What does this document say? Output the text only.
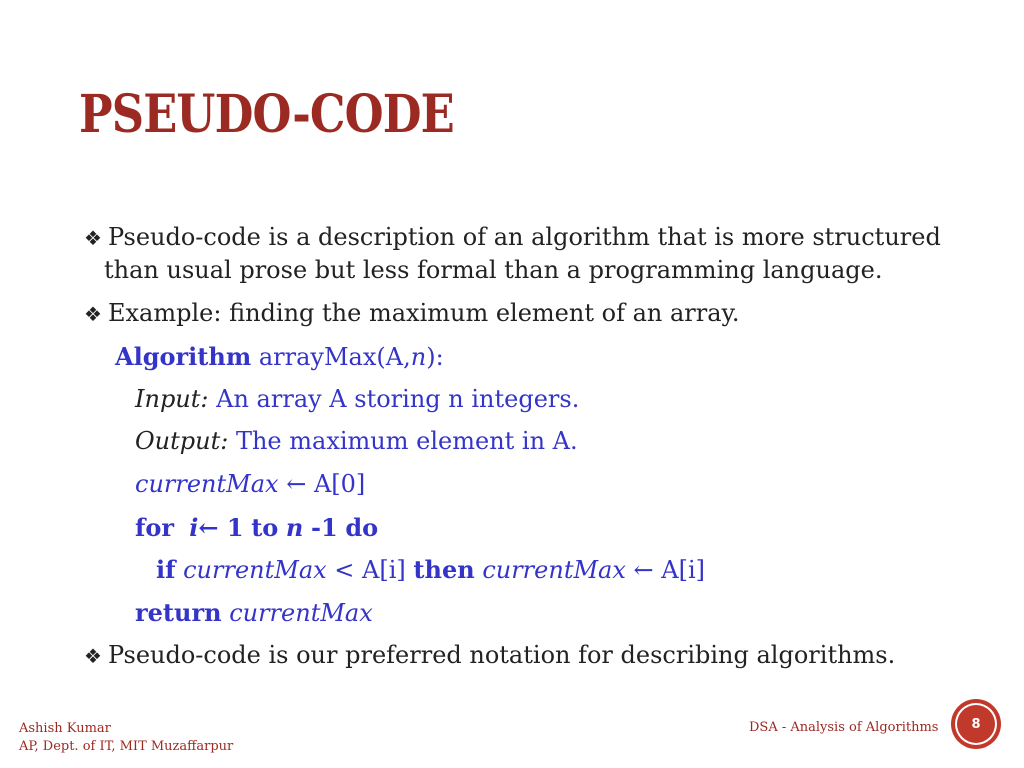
PSEUDO-CODE
❖ Pseudo-code is a description of an algorithm that is more structured
than usual prose but less formal than a programming language.
❖ Example: finding the maximum element of an array.
Algorithm arrayMax(A,n):
Input: An array A storing n integers.
Output: The maximum element in A.
currentMax ← A[0]
for i← 1 to n -1 do
if currentMax < A[i] then currentMax ← A[i]
return currentMax
❖ Pseudo-code is our preferred notation for describing algorithms.
Ashish Kumar
AP, Dept. of IT, MIT Muzaffarpur
DSA - Analysis of Algorithms	8
